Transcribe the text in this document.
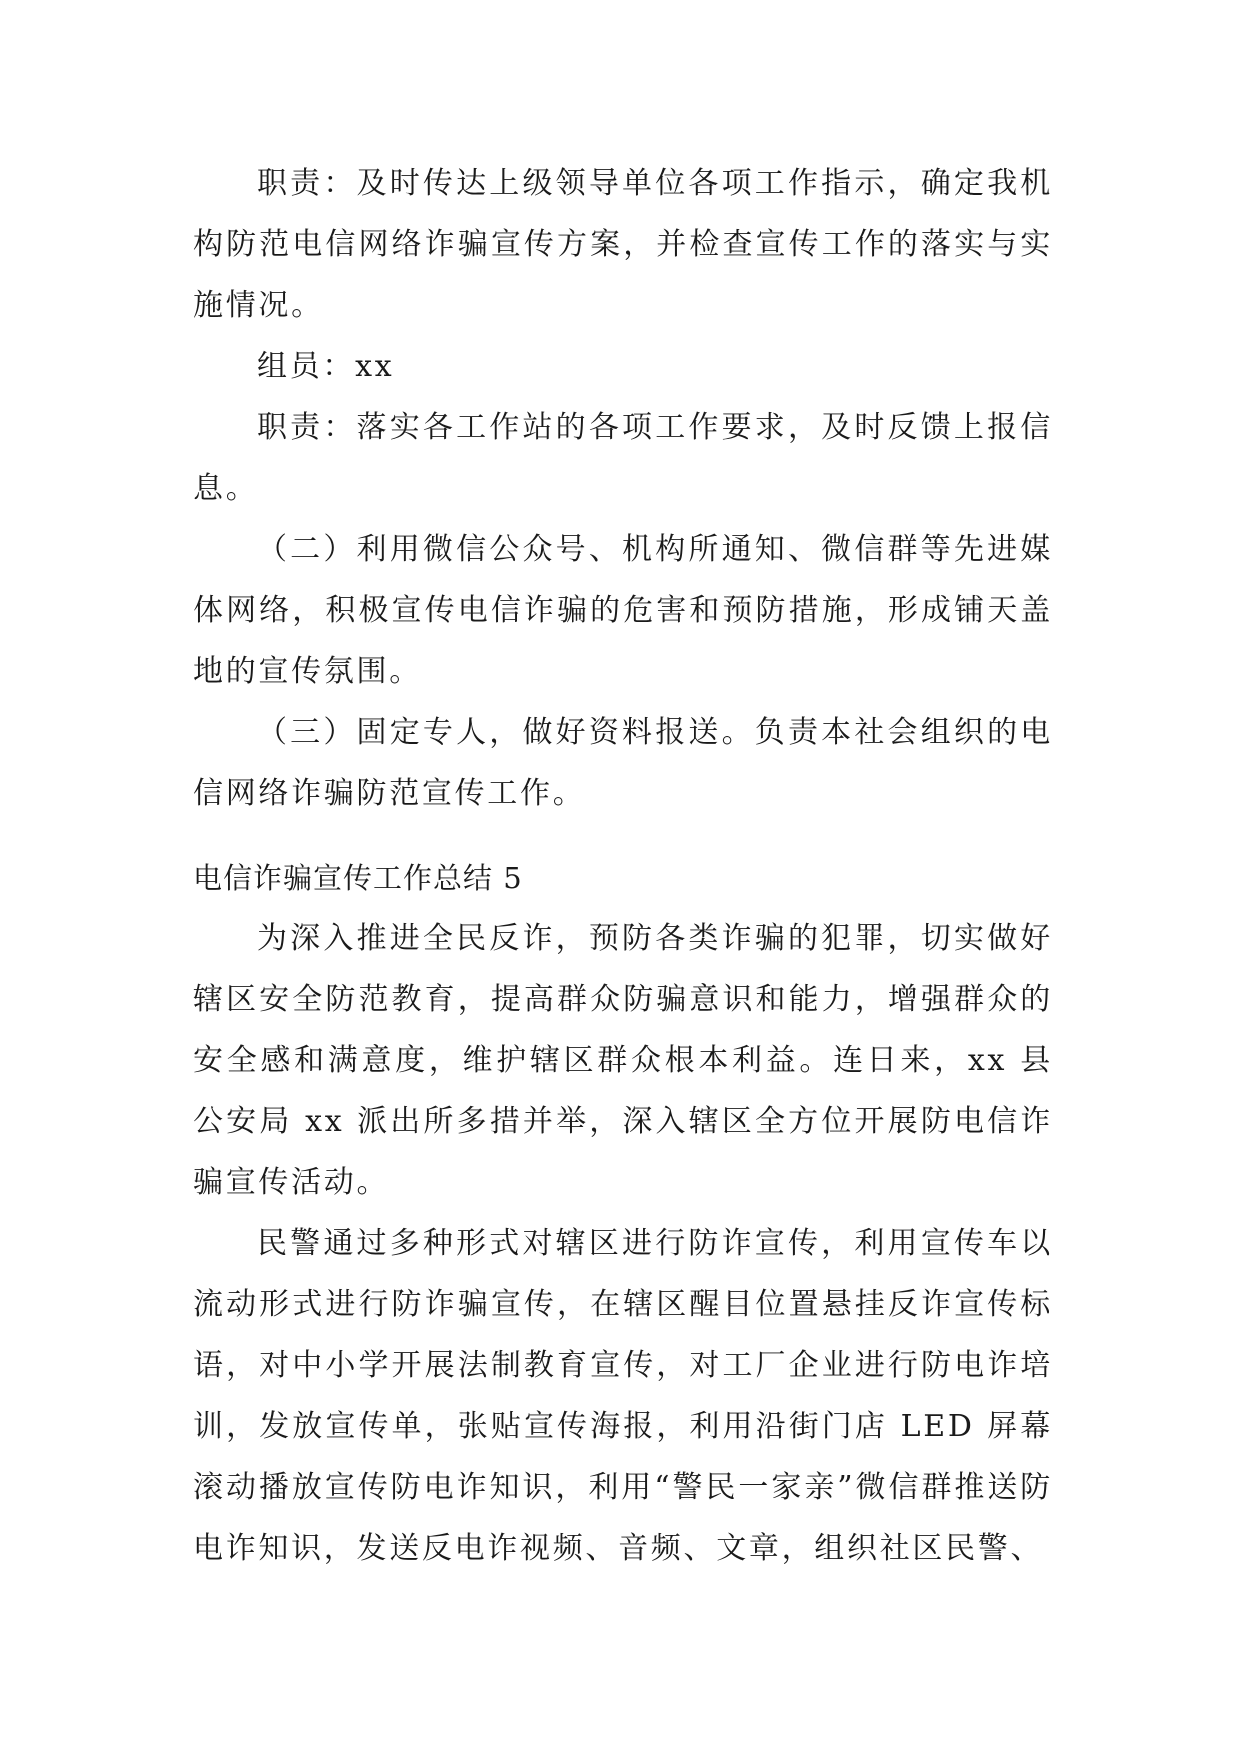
职责：及时传达上级领导单位各项工作指示，确定我机构防范电信网络诈骗宣传方案，并检查宣传工作的落实与实施情况。

组员：xx

职责：落实各工作站的各项工作要求，及时反馈上报信息。

（二）利用微信公众号、机构所通知、微信群等先进媒体网络，积极宣传电信诈骗的危害和预防措施，形成铺天盖地的宣传氛围。

（三）固定专人，做好资料报送。负责本社会组织的电信网络诈骗防范宣传工作。

电信诈骗宣传工作总结 5

为深入推进全民反诈，预防各类诈骗的犯罪，切实做好辖区安全防范教育，提高群众防骗意识和能力，增强群众的安全感和满意度，维护辖区群众根本利益。连日来，xx 县公安局 xx 派出所多措并举，深入辖区全方位开展防电信诈骗宣传活动。

民警通过多种形式对辖区进行防诈宣传，利用宣传车以流动形式进行防诈骗宣传，在辖区醒目位置悬挂反诈宣传标语，对中小学开展法制教育宣传，对工厂企业进行防电诈培训，发放宣传单，张贴宣传海报，利用沿街门店 LED 屏幕滚动播放宣传防电诈知识，利用“警民一家亲”微信群推送防电诈知识，发送反电诈视频、音频、文章，组织社区民警、
